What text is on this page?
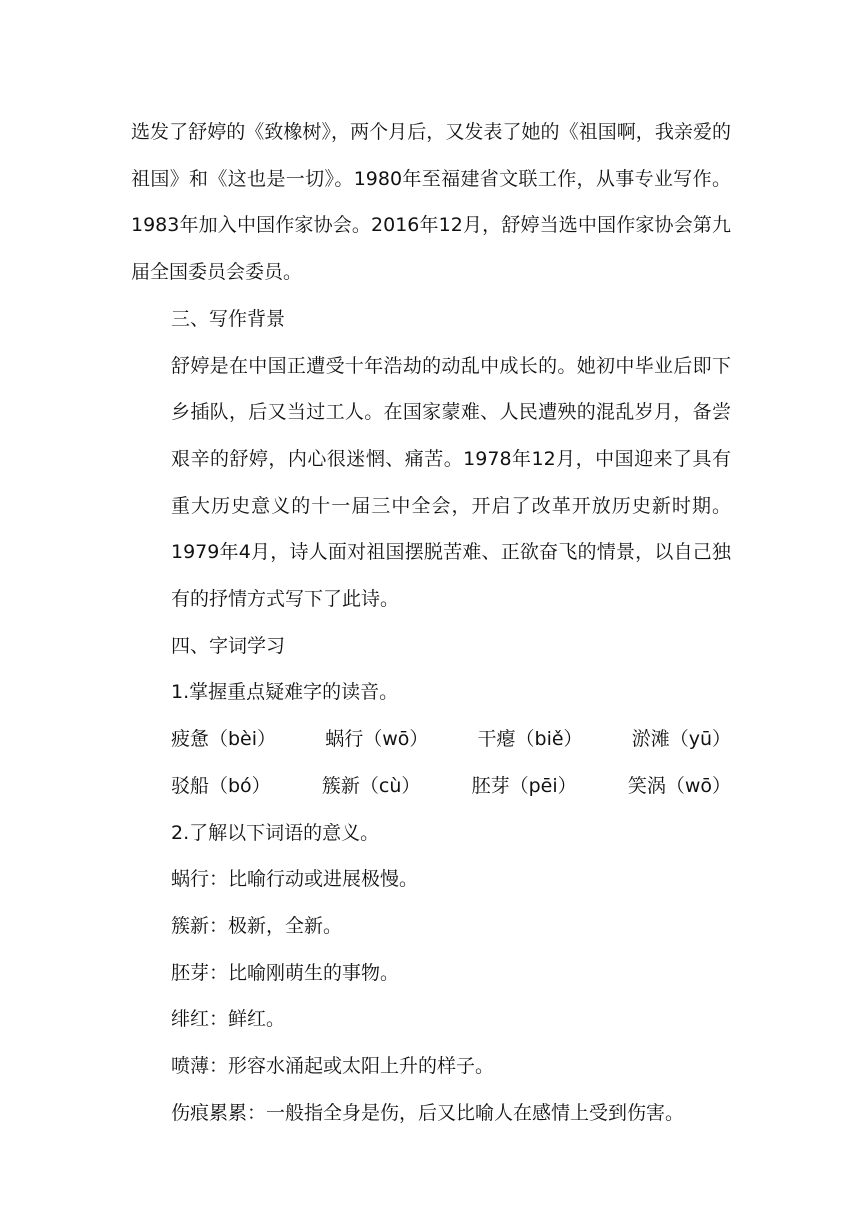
选发了舒婷的《致橡树》，两个月后，又发表了她的《祖国啊，我亲爱的祖国》和《这也是一切》。1980年至福建省文联工作，从事专业写作。1983年加入中国作家协会。2016年12月，舒婷当选中国作家协会第九届全国委员会委员。

三、写作背景

舒婷是在中国正遭受十年浩劫的动乱中成长的。她初中毕业后即下乡插队，后又当过工人。在国家蒙难、人民遭殃的混乱岁月，备尝艰辛的舒婷，内心很迷惘、痛苦。1978年12月，中国迎来了具有重大历史意义的十一届三中全会，开启了改革开放历史新时期。1979年4月，诗人面对祖国摆脱苦难、正欲奋飞的情景，以自己独有的抒情方式写下了此诗。

四、字词学习

1.掌握重点疑难字的读音。

疲惫（bèi）	蜗行（wō）	干瘪（biě）	淤滩（yū）
驳船（bó）	簇新（cù）	胚芽（pēi）	笑涡（wō）

2.了解以下词语的意义。

蜗行：比喻行动或进展极慢。

簇新：极新，全新。

胚芽：比喻刚萌生的事物。

绯红：鲜红。

喷薄：形容水涌起或太阳上升的样子。

伤痕累累：一般指全身是伤，后又比喻人在感情上受到伤害。
